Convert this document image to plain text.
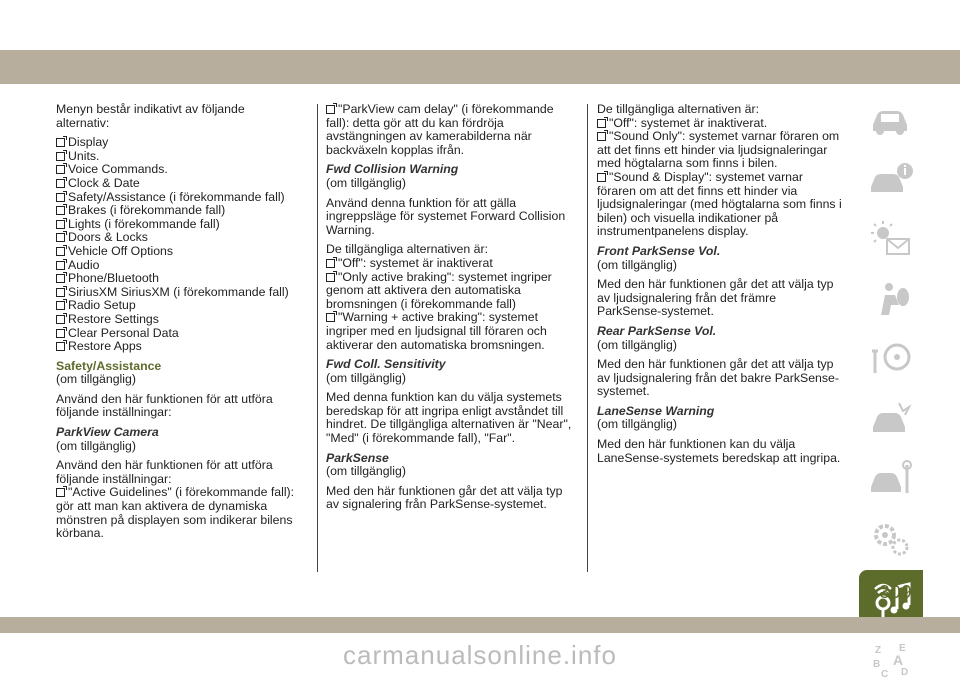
Menyn består indikativt av följande alternativ:

Display
Units.
Voice Commands.
Clock & Date
Safety/Assistance (i förekommande fall)
Brakes (i förekommande fall)
Lights (i förekommande fall)
Doors & Locks
Vehicle Off Options
Audio
Phone/Bluetooth
SiriusXM SiriusXM (i förekommande fall)
Radio Setup
Restore Settings
Clear Personal Data
Restore Apps
Safety/Assistance

(om tillgänglig)

Använd den här funktionen för att utföra följande inställningar:

ParkView Camera

(om tillgänglig)

Använd den här funktionen för att utföra följande inställningar:
"Active Guidelines" (i förekommande fall): gör att man kan aktivera de dynamiska mönstren på displayen som indikerar bilens körbana.
"ParkView cam delay" (i förekommande fall): detta gör att du kan fördröja avstängningen av kamerabilderna när backväxeln kopplas ifrån.
Fwd Collision Warning

(om tillgänglig)

Använd denna funktion för att gälla ingreppsläge för systemet Forward Collision Warning.

De tillgängliga alternativen är:
"Off": systemet är inaktiverat
"Only active braking": systemet ingriper genom att aktivera den automatiska bromsningen (i förekommande fall)
"Warning + active braking": systemet ingriper med en ljudsignal till föraren och aktiverar den automatiska bromsningen.
Fwd Coll. Sensitivity

(om tillgänglig)

Med denna funktion kan du välja systemets beredskap för att ingripa enligt avståndet till hindret. De tillgängliga alternativen är "Near", "Med" (i förekommande fall), "Far".

ParkSense

(om tillgänglig)

Med den här funktionen går det att välja typ av signalering från ParkSense-systemet.

De tillgängliga alternativen är:
"Off": systemet är inaktiverat.
"Sound Only": systemet varnar föraren om att det finns ett hinder via ljudsignaleringar med högtalarna som finns i bilen.
"Sound & Display": systemet varnar föraren om att det finns ett hinder via ljudsignaleringar (med högtalarna som finns i bilen) och visuella indikationer på instrumentpanelens display.
Front ParkSense Vol.

(om tillgänglig)

Med den här funktionen går det att välja typ av ljudsignalering från det främre ParkSense-systemet.

Rear ParkSense Vol.

(om tillgänglig)

Med den här funktionen går det att välja typ av ljudsignalering från det bakre ParkSense-systemet.

LaneSense Warning

(om tillgänglig)

Med den här funktionen kan du välja LaneSense-systemets beredskap att ingripa.

Z E
B A
C D
309
carmanualsonline.info
